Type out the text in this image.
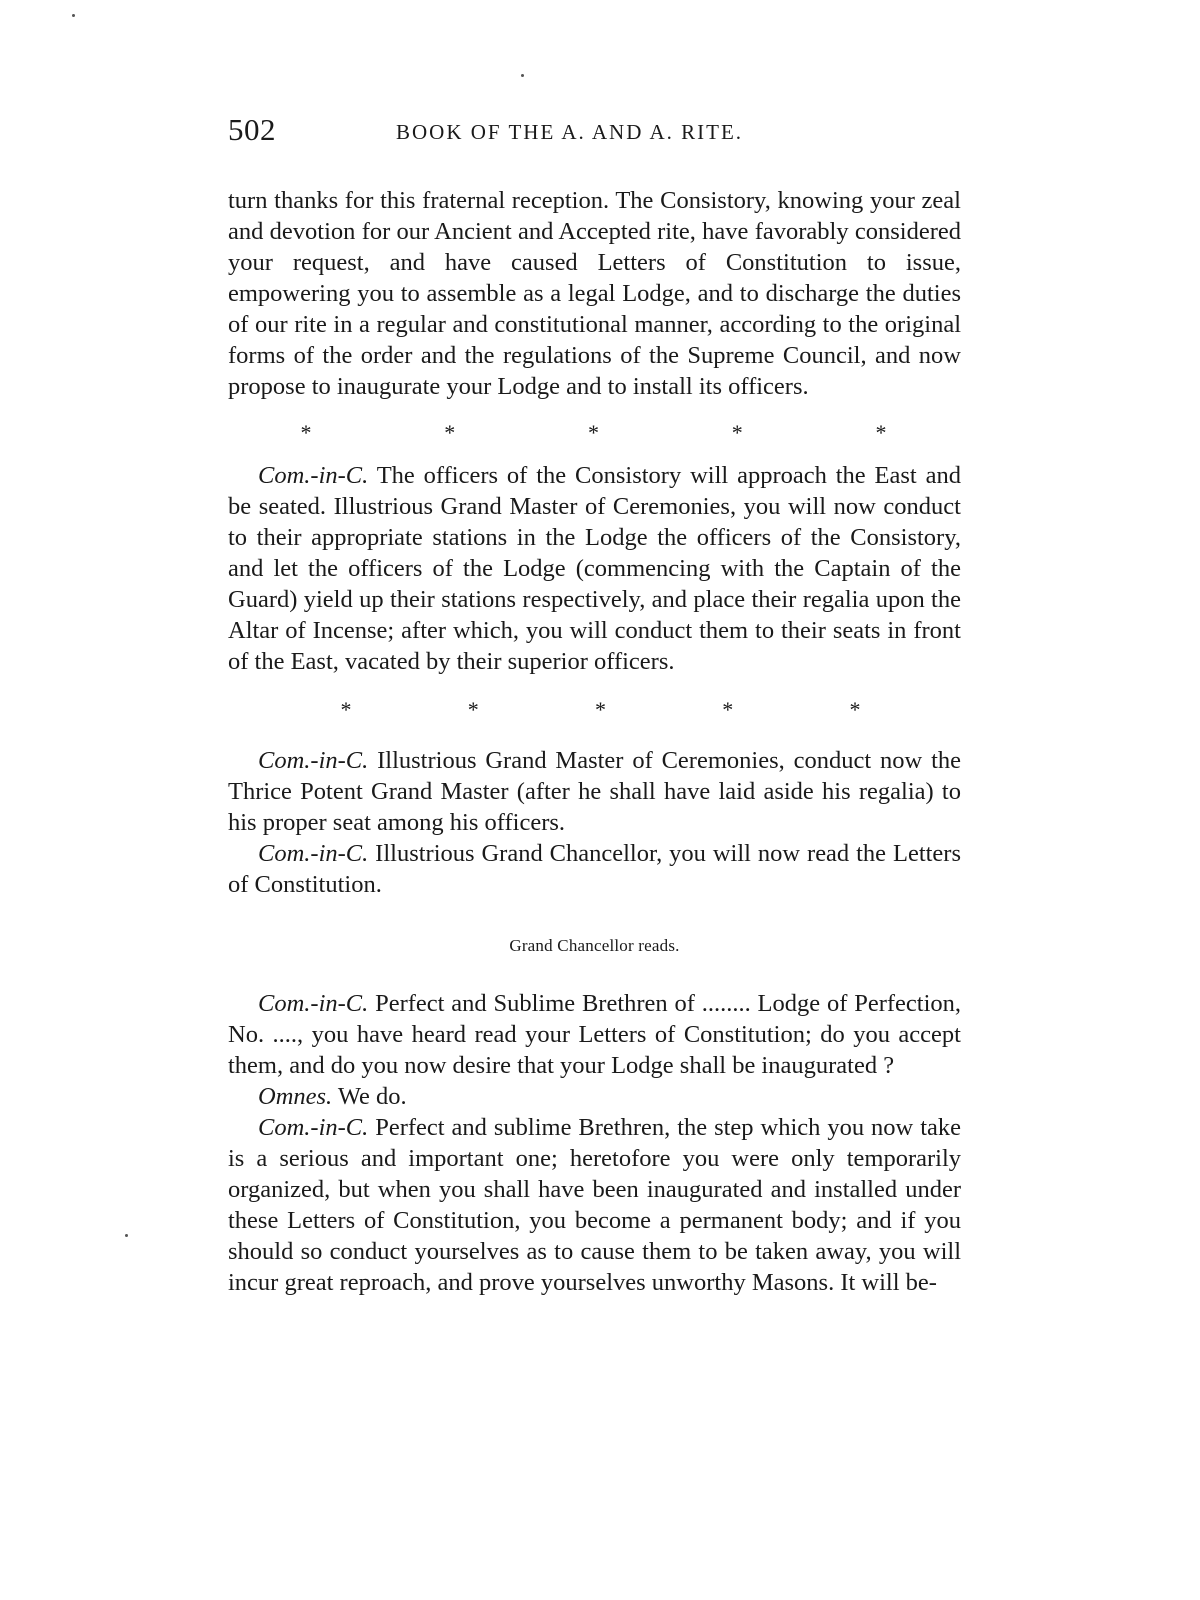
502	BOOK OF THE A. AND A. RITE.

turn thanks for this fraternal reception. The Consistory, knowing your zeal and devotion for our Ancient and Accepted rite, have favorably considered your request, and have caused Letters of Constitution to issue, empowering you to assemble as a legal Lodge, and to discharge the duties of our rite in a regular and constitutional manner, according to the original forms of the order and the regulations of the Supreme Council, and now propose to inaugurate your Lodge and to install its officers.

*	*	*	*	*

Com.-in-C. The officers of the Consistory will approach the East and be seated. Illustrious Grand Master of Ceremonies, you will now conduct to their appropriate stations in the Lodge the officers of the Consistory, and let the officers of the Lodge (commencing with the Captain of the Guard) yield up their stations respectively, and place their regalia upon the Altar of Incense; after which, you will conduct them to their seats in front of the East, vacated by their superior officers.

*	*	*	*	*

Com.-in-C. Illustrious Grand Master of Ceremonies, conduct now the Thrice Potent Grand Master (after he shall have laid aside his regalia) to his proper seat among his officers.

Com.-in-C. Illustrious Grand Chancellor, you will now read the Letters of Constitution.

Grand Chancellor reads.

Com.-in-C. Perfect and Sublime Brethren of ........ Lodge of Perfection, No. ...., you have heard read your Letters of Constitution; do you accept them, and do you now desire that your Lodge shall be inaugurated ?

Omnes. We do.

Com.-in-C. Perfect and sublime Brethren, the step which you now take is a serious and important one; heretofore you were only temporarily organized, but when you shall have been inaugurated and installed under these Letters of Constitution, you become a permanent body; and if you should so conduct yourselves as to cause them to be taken away, you will incur great reproach, and prove yourselves unworthy Masons. It will be-
